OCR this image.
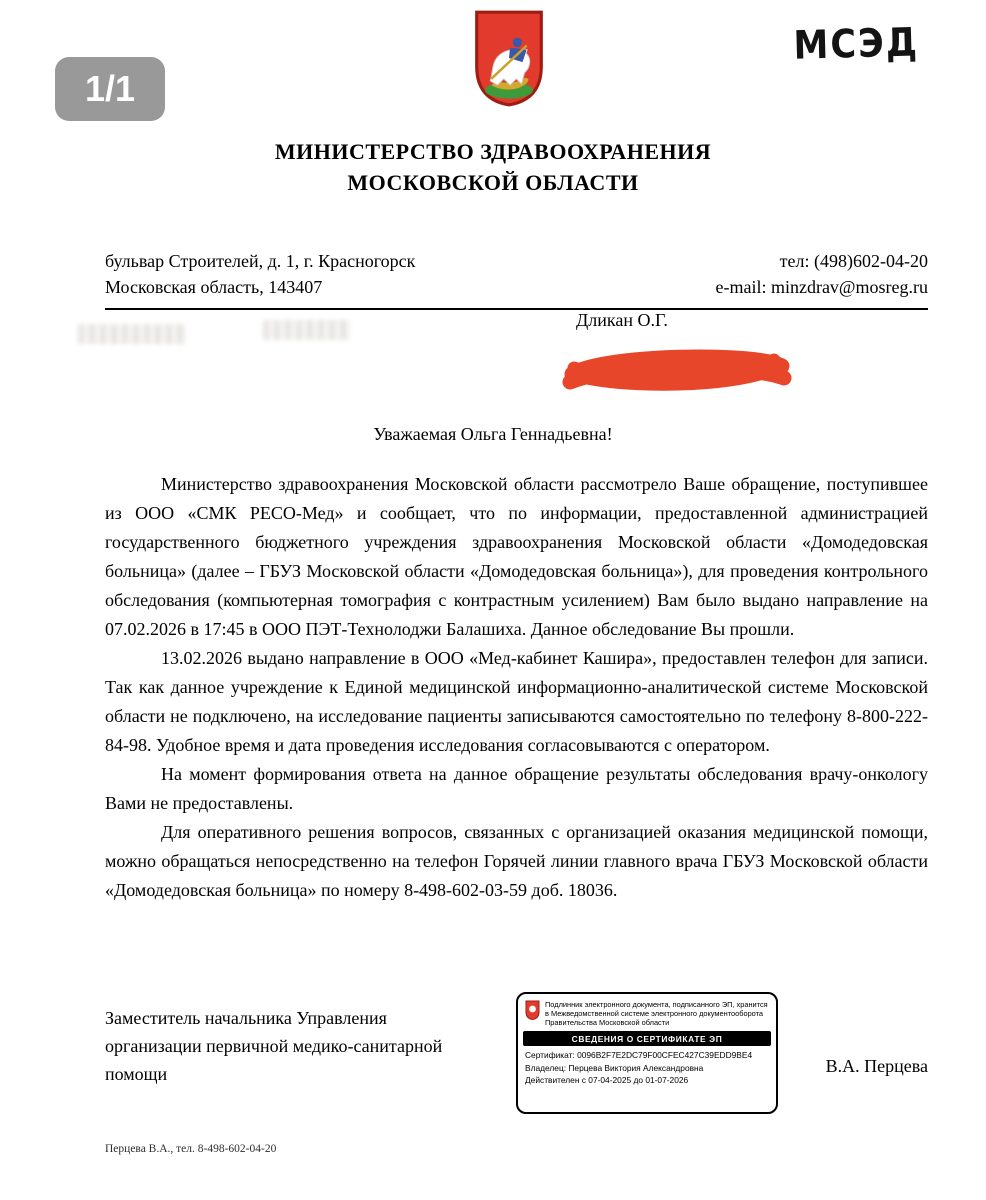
1/1
МСЭД
МИНИСТЕРСТВО ЗДРАВООХРАНЕНИЯ
МОСКОВСКОЙ ОБЛАСТИ
бульвар Строителей, д. 1, г. Красногорск
Московская область, 143407
тел: (498)602-04-20
e-mail: minzdrav@mosreg.ru
Дликан О.Г.
Уважаемая Ольга Геннадьевна!

Министерство здравоохранения Московской области рассмотрело Ваше обращение, поступившее из ООО «СМК РЕСО-Мед» и сообщает, что по информации, предоставленной администрацией государственного бюджетного учреждения здравоохранения Московской области «Домодедовская больница» (далее – ГБУЗ Московской области «Домодедовская больница»), для проведения контрольного обследования (компьютерная томография с контрастным усилением) Вам было выдано направление на 07.02.2026 в 17:45 в ООО ПЭТ-Технолоджи Балашиха. Данное обследование Вы прошли.

13.02.2026 выдано направление в ООО «Мед-кабинет Кашира», предоставлен телефон для записи. Так как данное учреждение к Единой медицинской информационно-аналитической системе Московской области не подключено, на исследование пациенты записываются самостоятельно по телефону 8-800-222-84-98. Удобное время и дата проведения исследования согласовываются с оператором.

На момент формирования ответа на данное обращение результаты обследования врачу-онкологу Вами не предоставлены.

Для оперативного решения вопросов, связанных с организацией оказания медицинской помощи, можно обращаться непосредственно на телефон Горячей линии главного врача ГБУЗ Московской области «Домодедовская больница» по номеру 8-498-602-03-59 доб. 18036.

Заместитель начальника Управления
организации первичной медико-санитарной
помощи
Подлинник электронного документа, подписанного ЭП, хранится в Межведомственной системе электронного документооборота Правительства Московской области
СВЕДЕНИЯ О СЕРТИФИКАТЕ ЭП
Сертификат: 0096B2F7E2DC79F00CFEC427C39EDD9BE4
Владелец: Перцева Виктория Александровна
Действителен с 07-04-2025 до 01-07-2026
В.А. Перцева
Перцева В.А., тел. 8-498-602-04-20
